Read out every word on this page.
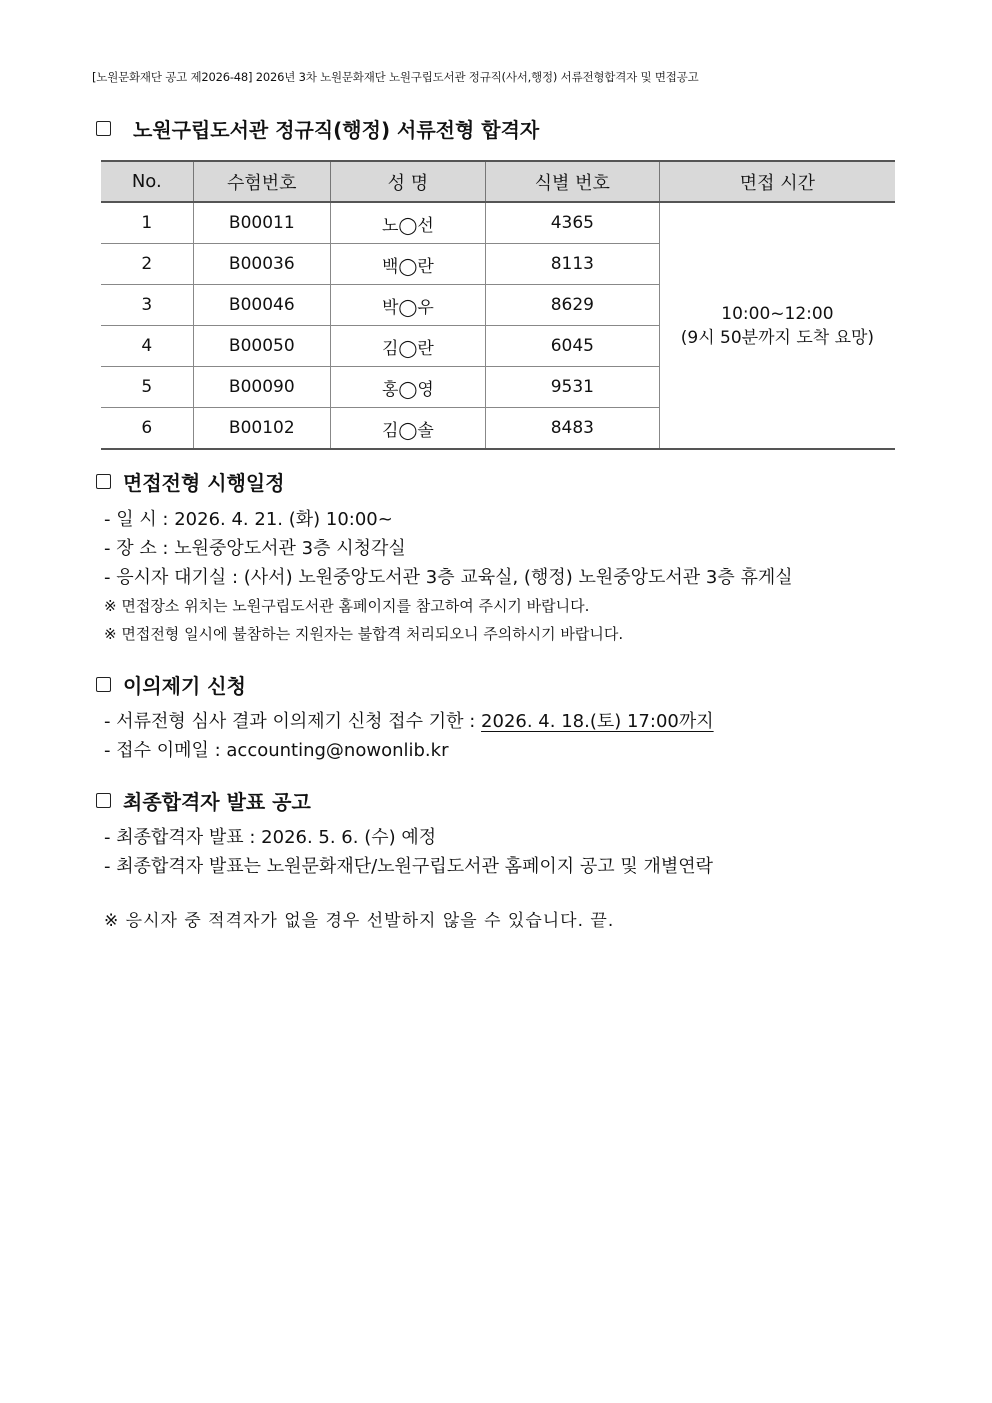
[노원문화재단 공고 제2026-48] 2026년 3차 노원문화재단 노원구립도서관 정규직(사서,행정) 서류전형합격자 및 면접공고
노원구립도서관 정규직(행정) 서류전형 합격자
No.	수험번호	성 명	식별 번호	면접 시간
1	B00011	노◯선	4365	10:00~12:00
(9시 50분까지 도착 요망)

2	B00036	백◯란	8113	
3	B00046	박◯우	8629	
4	B00050	김◯란	6045	
5	B00090	홍◯영	9531	
6	B00102	김◯솔	8483	
면접전형 시행일정
- 일 시 : 2026. 4. 21. (화) 10:00~
- 장 소 : 노원중앙도서관 3층 시청각실
- 응시자 대기실 : (사서) 노원중앙도서관 3층 교육실, (행정) 노원중앙도서관 3층 휴게실
※ 면접장소 위치는 노원구립도서관 홈페이지를 참고하여 주시기 바랍니다.
※ 면접전형 일시에 불참하는 지원자는 불합격 처리되오니 주의하시기 바랍니다.
이의제기 신청
- 서류전형 심사 결과 이의제기 신청 접수 기한 : 2026. 4. 18.(토) 17:00까지
- 접수 이메일 : accounting@nowonlib.kr
최종합격자 발표 공고
- 최종합격자 발표 : 2026. 5. 6. (수) 예정
- 최종합격자 발표는 노원문화재단/노원구립도서관 홈페이지 공고 및 개별연락
※ 응시자 중 적격자가 없을 경우 선발하지 않을 수 있습니다. 끝.
